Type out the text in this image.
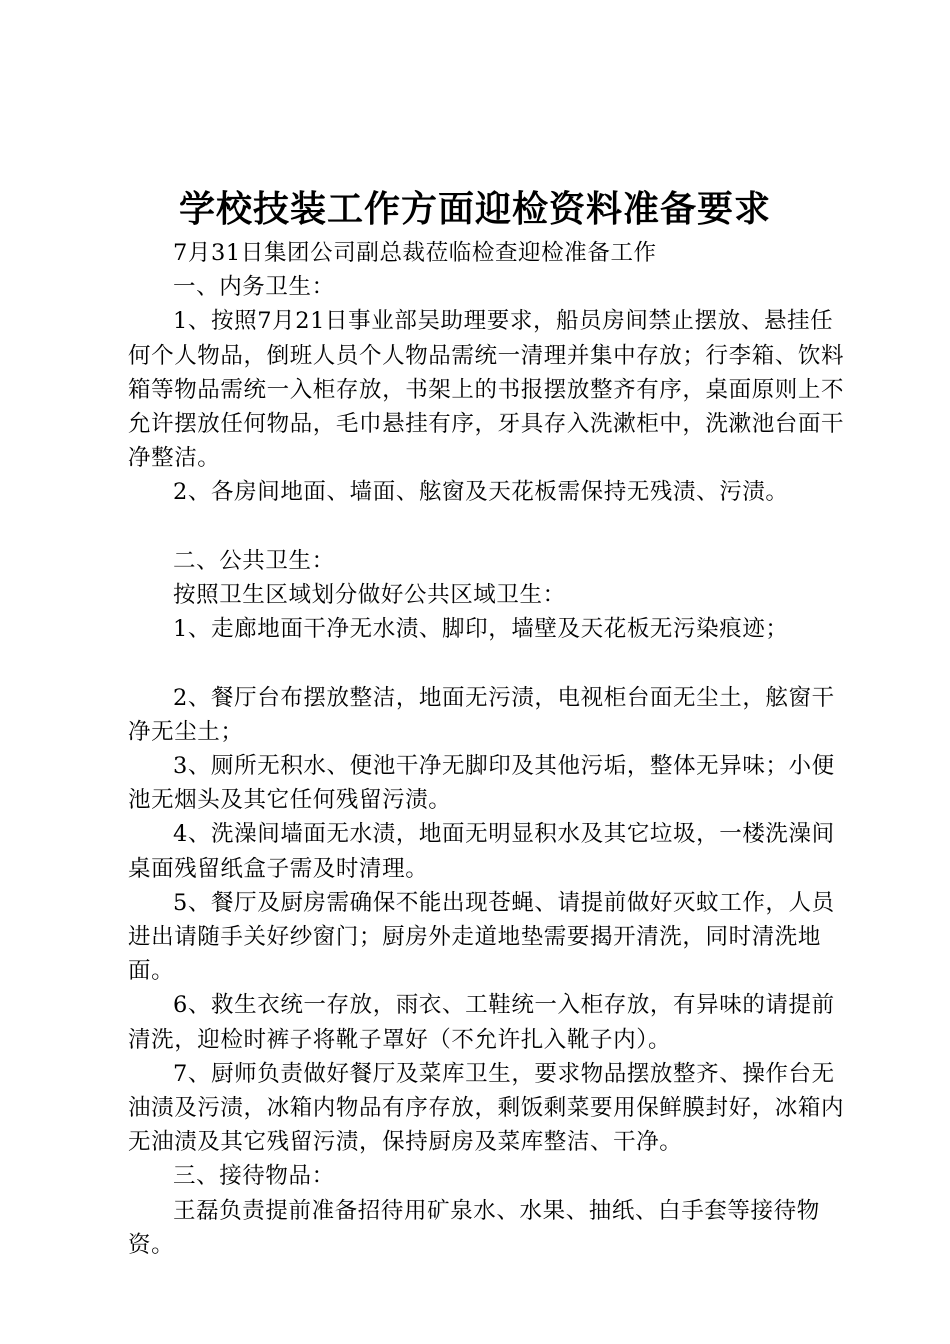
学校技装工作方面迎检资料准备要求

7月31日集团公司副总裁莅临检查迎检准备工作

一、内务卫生：

1、按照7月21日事业部吴助理要求，船员房间禁止摆放、悬挂任何个人物品，倒班人员个人物品需统一清理并集中存放；行李箱、饮料箱等物品需统一入柜存放，书架上的书报摆放整齐有序，桌面原则上不允许摆放任何物品，毛巾悬挂有序，牙具存入洗漱柜中，洗漱池台面干净整洁。

2、各房间地面、墙面、舷窗及天花板需保持无残渍、污渍。

二、公共卫生：

按照卫生区域划分做好公共区域卫生：

1、走廊地面干净无水渍、脚印，墙壁及天花板无污染痕迹；

2、餐厅台布摆放整洁，地面无污渍，电视柜台面无尘土，舷窗干净无尘土；

3、厕所无积水、便池干净无脚印及其他污垢，整体无异味；小便池无烟头及其它任何残留污渍。

4、洗澡间墙面无水渍，地面无明显积水及其它垃圾，一楼洗澡间桌面残留纸盒子需及时清理。

5、餐厅及厨房需确保不能出现苍蝇、请提前做好灭蚊工作，人员进出请随手关好纱窗门；厨房外走道地垫需要揭开清洗，同时清洗地面。

6、救生衣统一存放，雨衣、工鞋统一入柜存放，有异味的请提前清洗，迎检时裤子将靴子罩好（不允许扎入靴子内）。

7、厨师负责做好餐厅及菜库卫生，要求物品摆放整齐、操作台无油渍及污渍，冰箱内物品有序存放，剩饭剩菜要用保鲜膜封好，冰箱内无油渍及其它残留污渍，保持厨房及菜库整洁、干净。

三、接待物品：

王磊负责提前准备招待用矿泉水、水果、抽纸、白手套等接待物资。
